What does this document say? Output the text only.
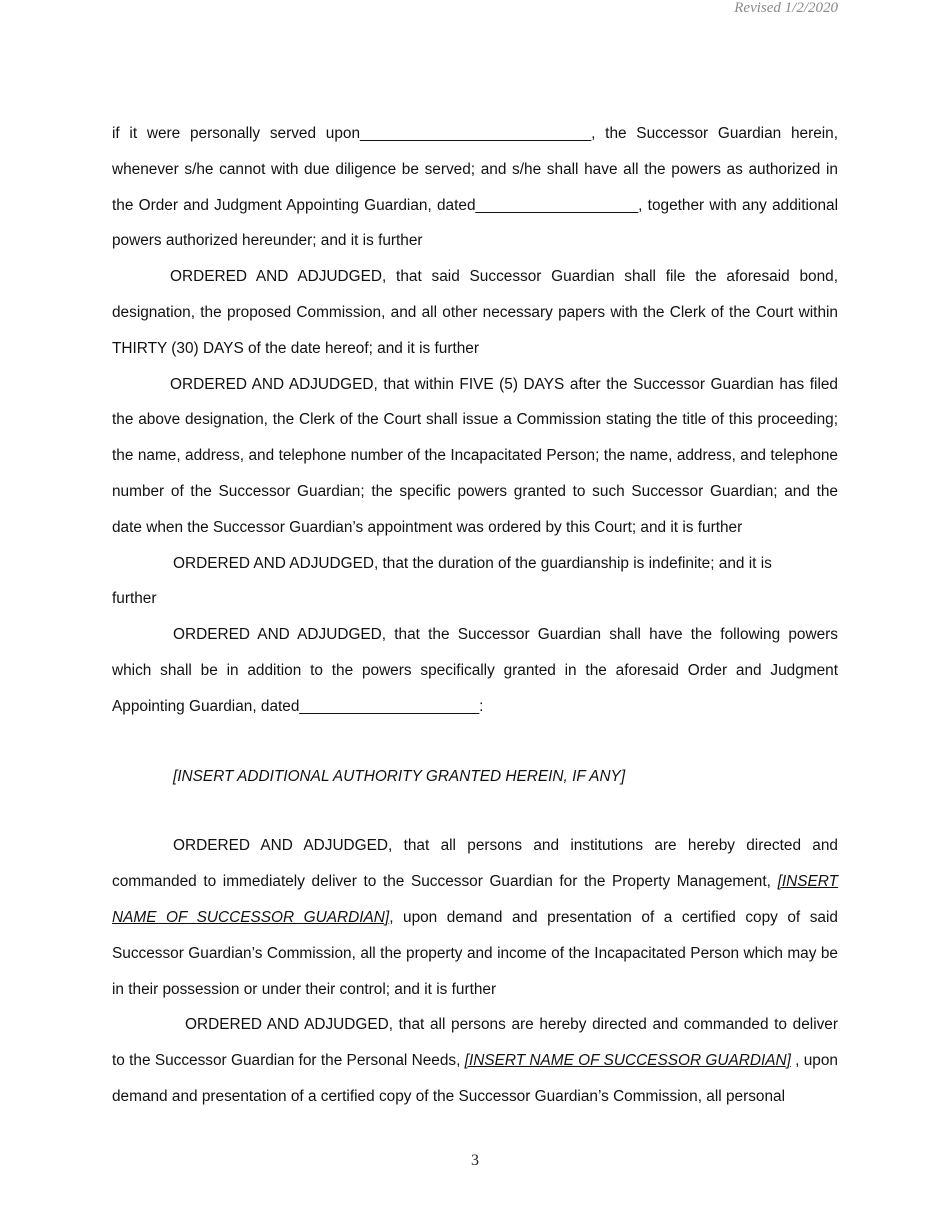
Revised 1/2/2020

if it were personally served upon___________________________, the Successor Guardian herein, whenever s/he cannot with due diligence be served; and s/he shall have all the powers as authorized in the Order and Judgment Appointing Guardian, dated___________________, together with any additional powers authorized hereunder; and it is further

ORDERED AND ADJUDGED, that said Successor Guardian shall file the aforesaid bond, designation, the proposed Commission, and all other necessary papers with the Clerk of the Court within THIRTY (30) DAYS of the date hereof; and it is further

ORDERED AND ADJUDGED, that within FIVE (5) DAYS after the Successor Guardian has filed the above designation, the Clerk of the Court shall issue a Commission stating the title of this proceeding; the name, address, and telephone number of the Incapacitated Person; the name, address, and telephone number of the Successor Guardian; the specific powers granted to such Successor Guardian; and the date when the Successor Guardian’s appointment was ordered by this Court; and it is further

ORDERED AND ADJUDGED, that the duration of the guardianship is indefinite; and it is

further

ORDERED AND ADJUDGED, that the Successor Guardian shall have the following powers which shall be in addition to the powers specifically granted in the aforesaid Order and Judgment Appointing Guardian, dated_____________________:

[INSERT ADDITIONAL AUTHORITY GRANTED HEREIN, IF ANY]

ORDERED AND ADJUDGED, that all persons and institutions are hereby directed and commanded to immediately deliver to the Successor Guardian for the Property Management, [INSERT NAME OF SUCCESSOR GUARDIAN], upon demand and presentation of a certified copy of said Successor Guardian’s Commission, all the property and income of the Incapacitated Person which may be in their possession or under their control; and it is further

ORDERED AND ADJUDGED, that all persons are hereby directed and commanded to deliver to the Successor Guardian for the Personal Needs, [INSERT NAME OF SUCCESSOR GUARDIAN] , upon demand and presentation of a certified copy of the Successor Guardian’s Commission, all personal

3
